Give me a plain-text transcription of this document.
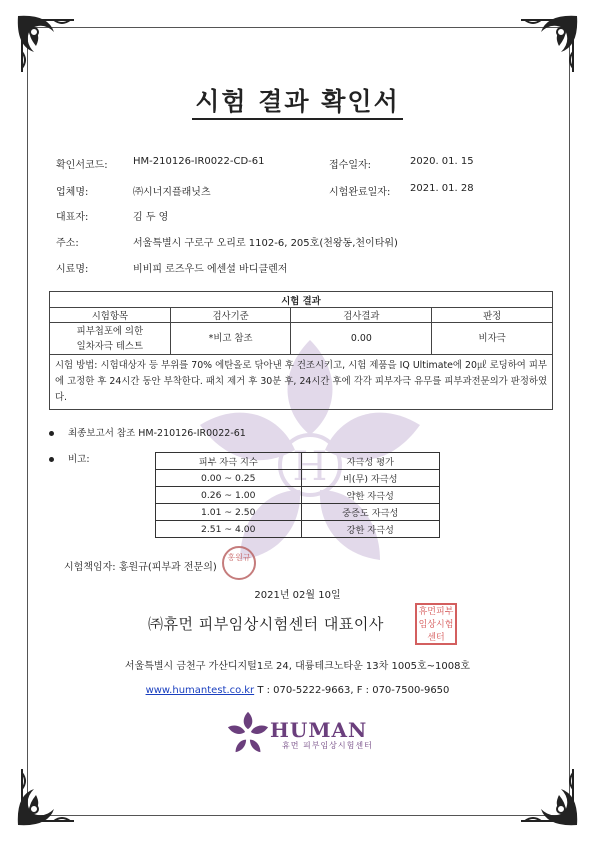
H
시험 결과 확인서
확인서코드:	HM-210126-IR0022-CD-61	접수일자:	2020. 01. 15
업체명:	㈜시너지플래닛츠	시험완료일자: 2021. 01. 28
대표자:	김 두 영
주소:	서울특별시 구로구 오리로 1102-6, 205호(천왕동,천이타워)
시료명:	비비피 로즈우드 에센셜 바디클렌저
시험 결과			
시험항목	검사기준	검사결과	판정

피부첩포에 의한
일차자극 테스트	*비고 참조	0.00	비자극
시험 방법: 시험대상자 등 부위를 70% 에탄올로 닦아낸 후 건조시키고, 시험 제품을 IQ Ultimate에 20㎕ 로딩하여 피부에 고정한 후 24시간 동안 부착한다. 패치 제거 후 30분 후, 24시간 후에 각각 피부자극 유무를 피부과전문의가 판정하였다.			
최종보고서 참조 HM-210126-IR0022-61
비고:	피부 자극 지수	자극성 평가
0.00 ~ 0.25	비(무) 자극성
0.26 ~ 1.00	약한 자극성
1.01 ~ 2.50	중증도 자극성
2.51 ~ 4.00	강한 자극성
시험책임자: 홍원규(피부과 전문의)
홍원규
2021년 02월 10일
㈜휴먼 피부임상시험센터 대표이사
휴먼피부임상시험센터
서울특별시 금천구 가산디지털1로 24, 대륭테크노타운 13차 1005호~1008호
www.humantest.co.kr T : 070-5222-9663, F : 070-7500-9650
H HUMAN
휴먼 피부임상시험센터
